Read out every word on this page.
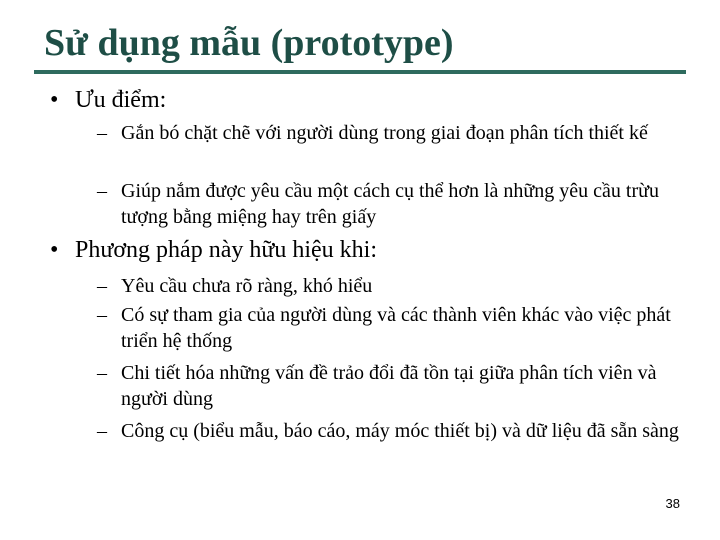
Sử dụng mẫu (prototype)
• Ưu điểm:
– Gắn bó chặt chẽ với người dùng trong giai đoạn phân tích thiết kế
– Giúp nắm được yêu cầu một cách cụ thể hơn là những yêu cầu trừu tượng bằng miệng hay trên giấy
• Phương pháp này hữu hiệu khi:
– Yêu cầu chưa rõ ràng, khó hiểu
– Có sự tham gia của người dùng và các thành viên khác vào việc phát triển hệ thống
– Chi tiết hóa những vấn đề trảo đổi đã tồn tại giữa phân tích viên và người dùng
– Công cụ (biểu mẫu, báo cáo, máy móc thiết bị) và dữ liệu đã sẵn sàng
38
